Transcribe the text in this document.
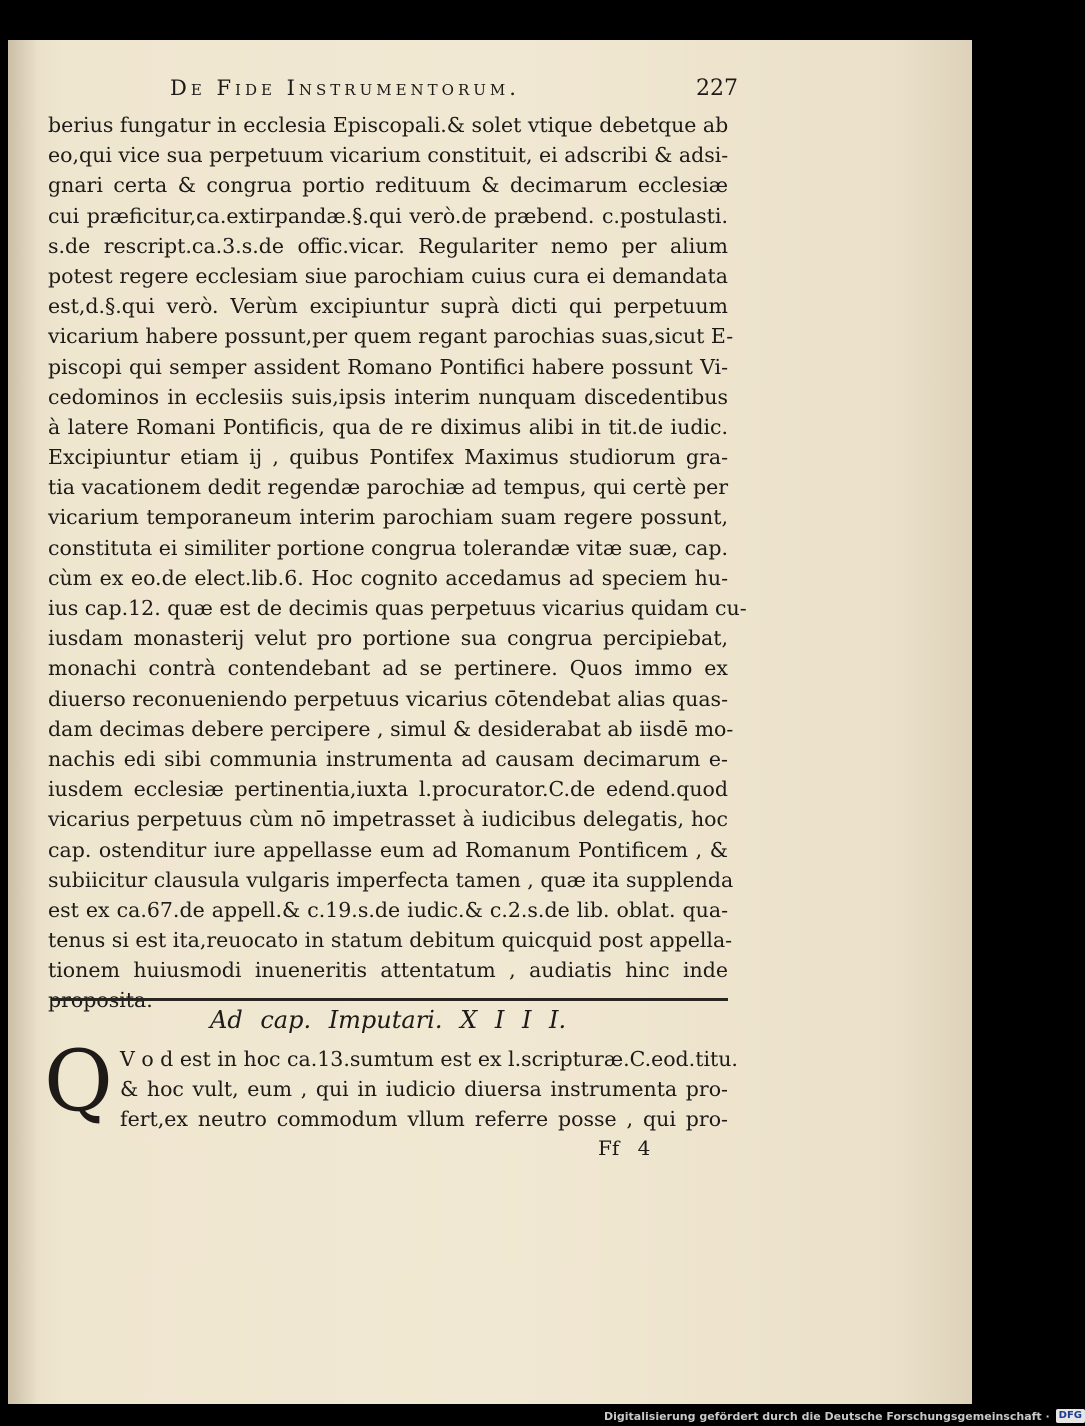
De Fide Instrumentorum.	227
berius fungatur in ecclesia Episcopali.& solet vtique debetque ab
eo,qui vice sua perpetuum vicarium constituit, ei adscribi & adsi-
gnari certa & congrua portio redituum & decimarum ecclesiæ
cui præficitur,ca.extirpandæ.§.qui verò.de præbend. c.postulasti.
s.de rescript.ca.3.s.de offic.vicar. Regulariter nemo per alium
potest regere ecclesiam siue parochiam cuius cura ei demandata
est,d.§.qui verò. Verùm excipiuntur suprà dicti qui perpetuum
vicarium habere possunt,per quem regant parochias suas,sicut E-
piscopi qui semper assident Romano Pontifici habere possunt Vi-
cedominos in ecclesiis suis,ipsis interim nunquam discedentibus
à latere Romani Pontificis, qua de re diximus alibi in tit.de iudic.
Excipiuntur etiam ij , quibus Pontifex Maximus studiorum gra-
tia vacationem dedit regendæ parochiæ ad tempus, qui certè per
vicarium temporaneum interim parochiam suam regere possunt,
constituta ei similiter portione congrua tolerandæ vitæ suæ, cap.
cùm ex eo.de elect.lib.6. Hoc cognito accedamus ad speciem hu-
ius cap.12. quæ est de decimis quas perpetuus vicarius quidam cu-
iusdam monasterij velut pro portione sua congrua percipiebat,
monachi contrà contendebant ad se pertinere. Quos immo ex
diuerso reconueniendo perpetuus vicarius cōtendebat alias quas-
dam decimas debere percipere , simul & desiderabat ab iisdē mo-
nachis edi sibi communia instrumenta ad causam decimarum e-
iusdem ecclesiæ pertinentia,iuxta l.procurator.C.de edend.quod
vicarius perpetuus cùm nō impetrasset à iudicibus delegatis, hoc
cap. ostenditur iure appellasse eum ad Romanum Pontificem , &
subiicitur clausula vulgaris imperfecta tamen , quæ ita supplenda
est ex ca.67.de appell.& c.19.s.de iudic.& c.2.s.de lib. oblat. qua-
tenus si est ita,reuocato in statum debitum quicquid post appella-
tionem huiusmodi inueneritis attentatum , audiatis hinc inde
proposita.
Ad cap. Imputari. X I I I.
Q V o d est in hoc ca.13.sumtum est ex l.scripturæ.C.eod.titu.
& hoc vult, eum , qui in iudicio diuersa instrumenta pro-
fert,ex neutro commodum vllum referre posse , qui pro-
Ff 4
Digitalisierung gefördert durch die Deutsche Forschungsgemeinschaft · DFG
